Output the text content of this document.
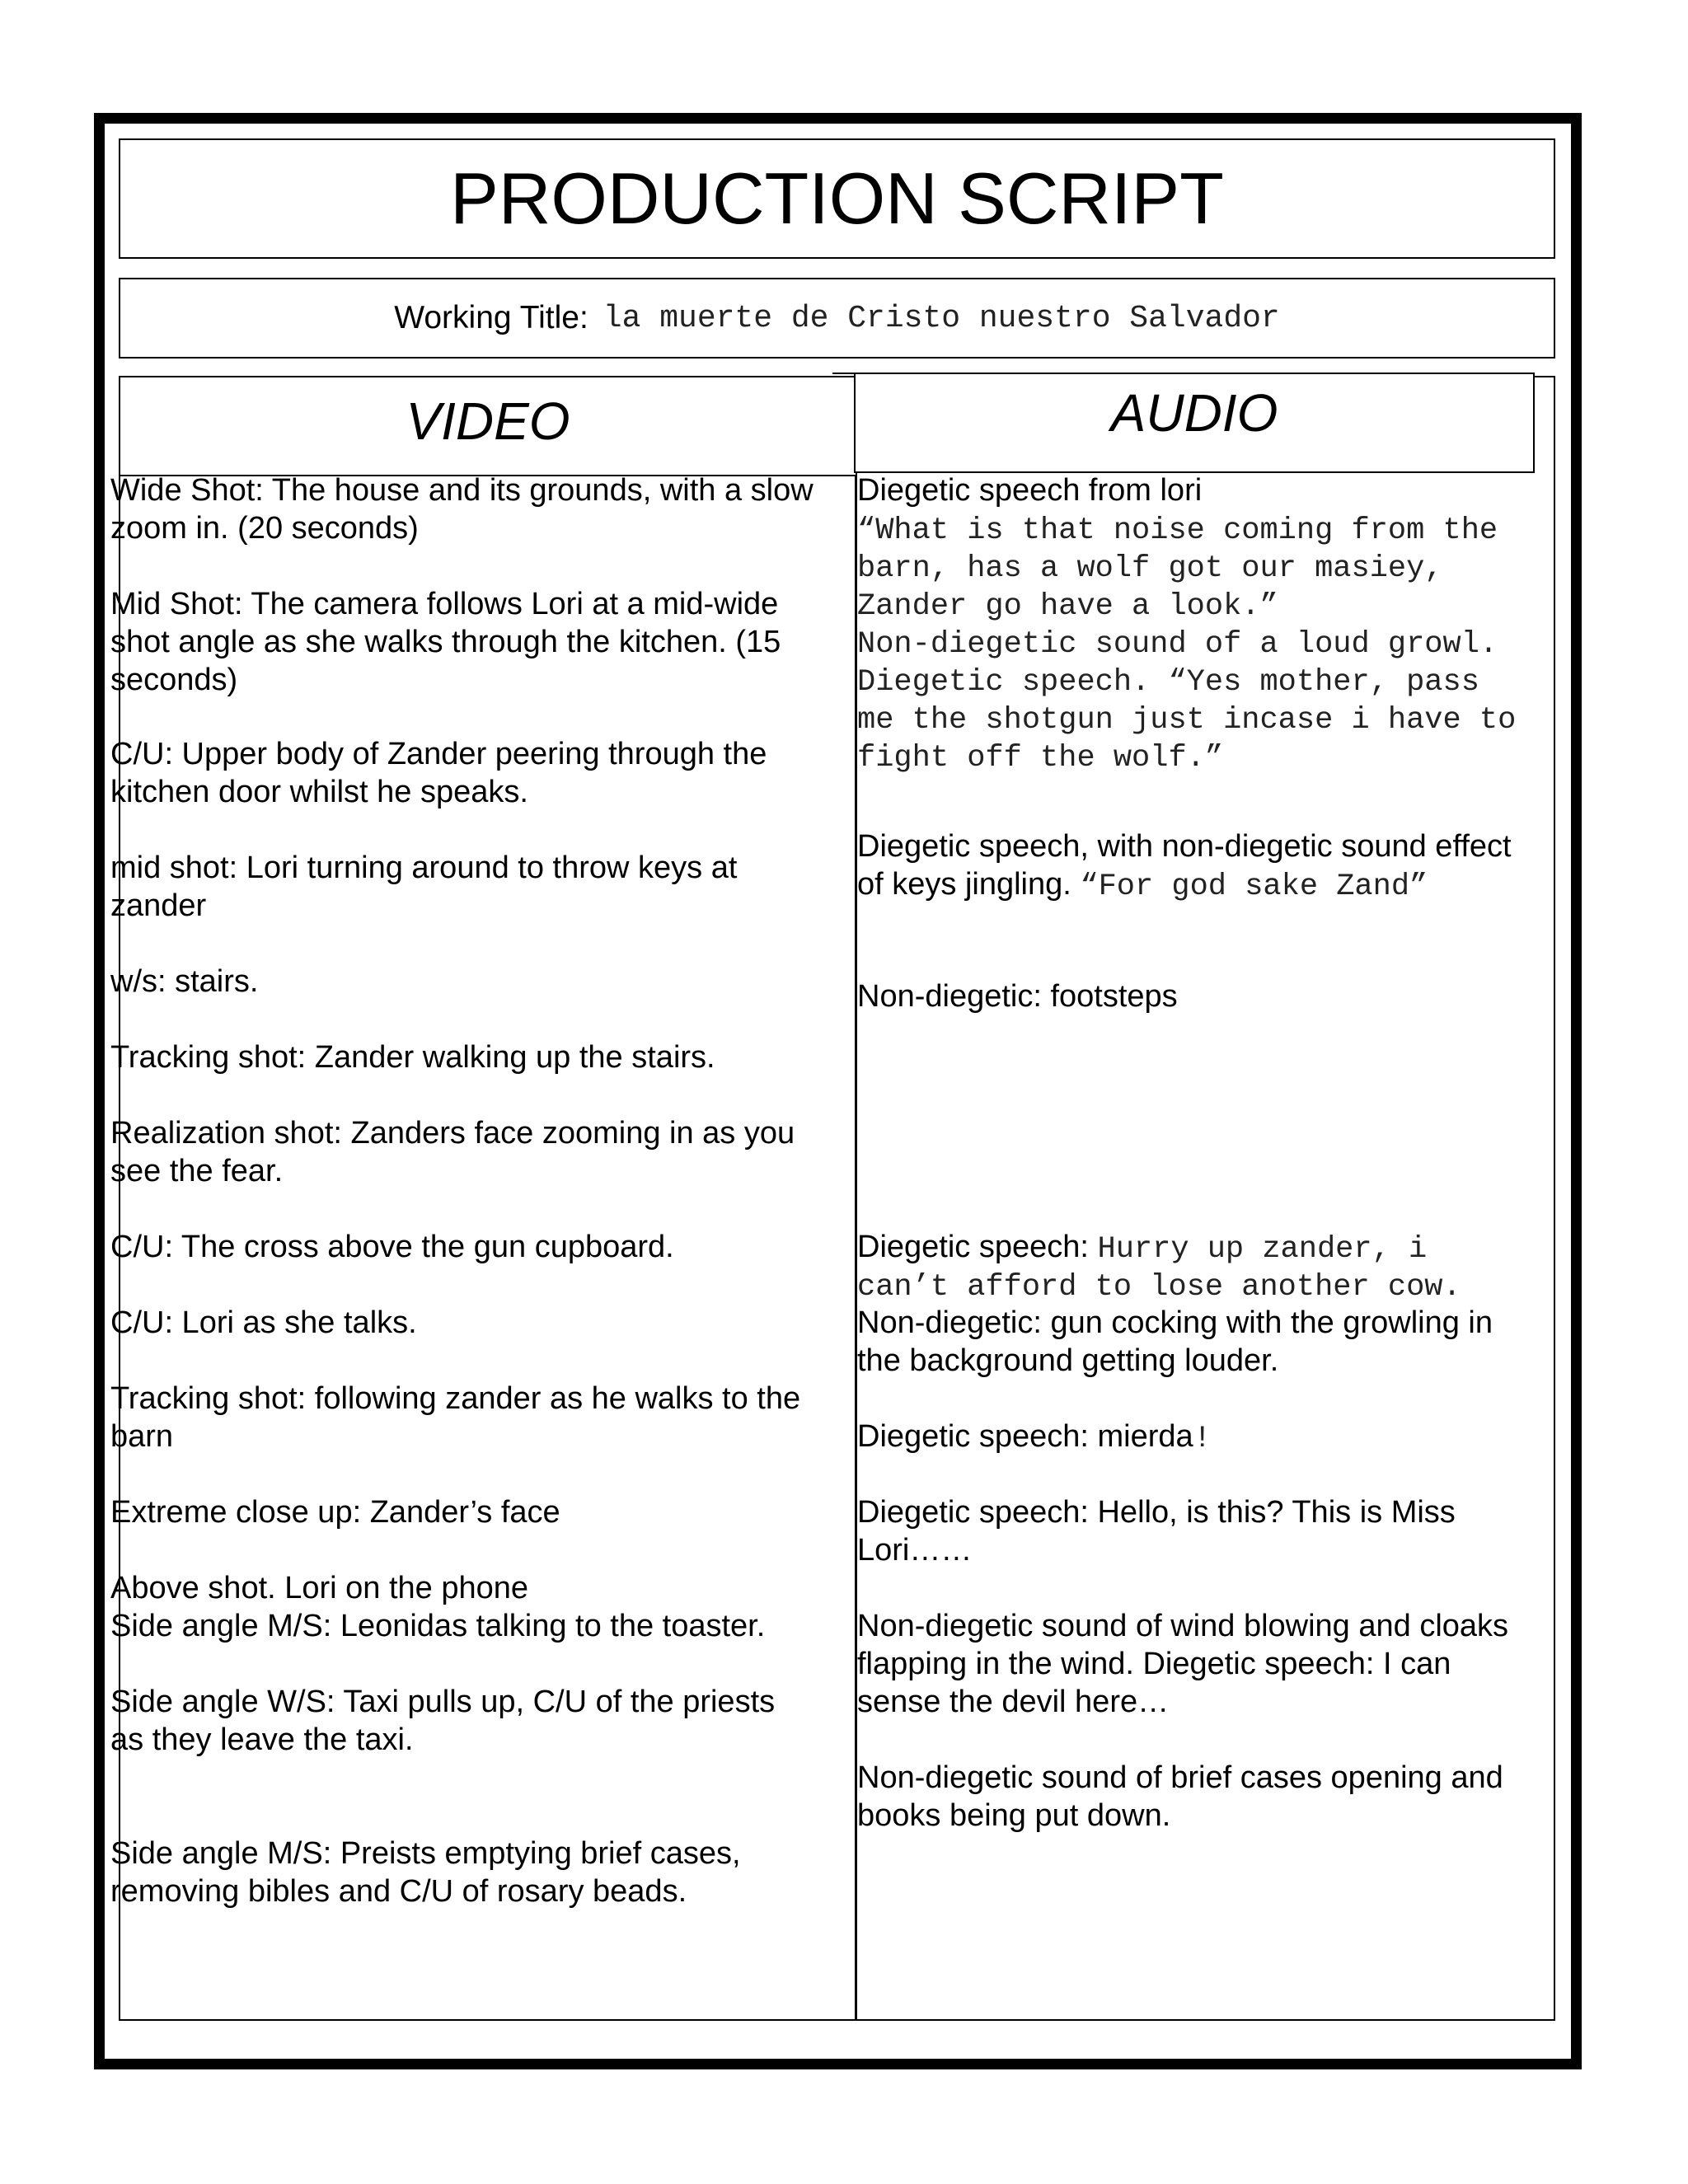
PRODUCTION SCRIPT
Working Title: la muerte de Cristo nuestro Salvador
VIDEO	AUDIO
Wide Shot: The house and its grounds, with a slow
zoom in. (20 seconds)
Mid Shot: The camera follows Lori at a mid-wide
shot angle as she walks through the kitchen. (15
seconds)
C/U: Upper body of Zander peering through the
kitchen door whilst he speaks.
mid shot: Lori turning around to throw keys at
zander
w/s: stairs.
Tracking shot: Zander walking up the stairs.
Realization shot: Zanders face zooming in as you
see the fear.
C/U: The cross above the gun cupboard.
C/U: Lori as she talks.
Tracking shot: following zander as he walks to the
barn
Extreme close up: Zander’s face
Above shot. Lori on the phone
Side angle M/S: Leonidas talking to the toaster.
Side angle W/S: Taxi pulls up, C/U of the priests
as they leave the taxi.
Side angle M/S: Preists emptying brief cases,
removing bibles and C/U of rosary beads.
Diegetic speech from lori
“What is that noise coming from the
barn, has a wolf got our masiey,
Zander go have a look.”
Non-diegetic sound of a loud growl.
Diegetic speech. “Yes mother, pass
me the shotgun just incase i have to
fight off the wolf.”
Diegetic speech, with non-diegetic sound effect
of keys jingling. “For god sake Zand”
Non-diegetic: footsteps
Diegetic speech: Hurry up zander, i
can’t afford to lose another cow.
Non-diegetic: gun cocking with the growling in
the background getting louder.
Diegetic speech: mierda!
Diegetic speech: Hello, is this? This is Miss
Lori……
Non-diegetic sound of wind blowing and cloaks
flapping in the wind. Diegetic speech: I can
sense the devil here…
Non-diegetic sound of brief cases opening and
books being put down.
